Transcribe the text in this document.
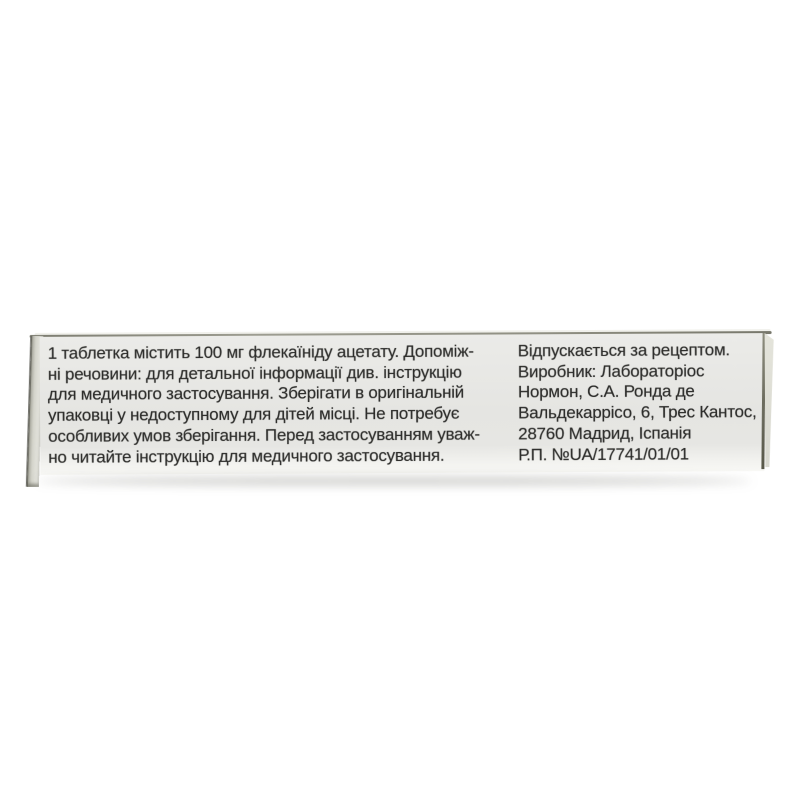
1 таблетка містить 100 мг флекаїніду ацетату. Допоміж-
ні речовини: для детальної інформації див. інструкцію
для медичного застосування. Зберігати в оригінальній
упаковці у недоступному для дітей місці. Не потребує
особливих умов зберігання. Перед застосуванням уваж-
но читайте інструкцію для медичного застосування.
Відпускається за рецептом.
Виробник: Лабораторіос
Нормон, С.А. Ронда де
Вальдекаррісо, 6, Трес Кантос,
28760 Мадрид, Іспанія
Р.П. №UA/17741/01/01
